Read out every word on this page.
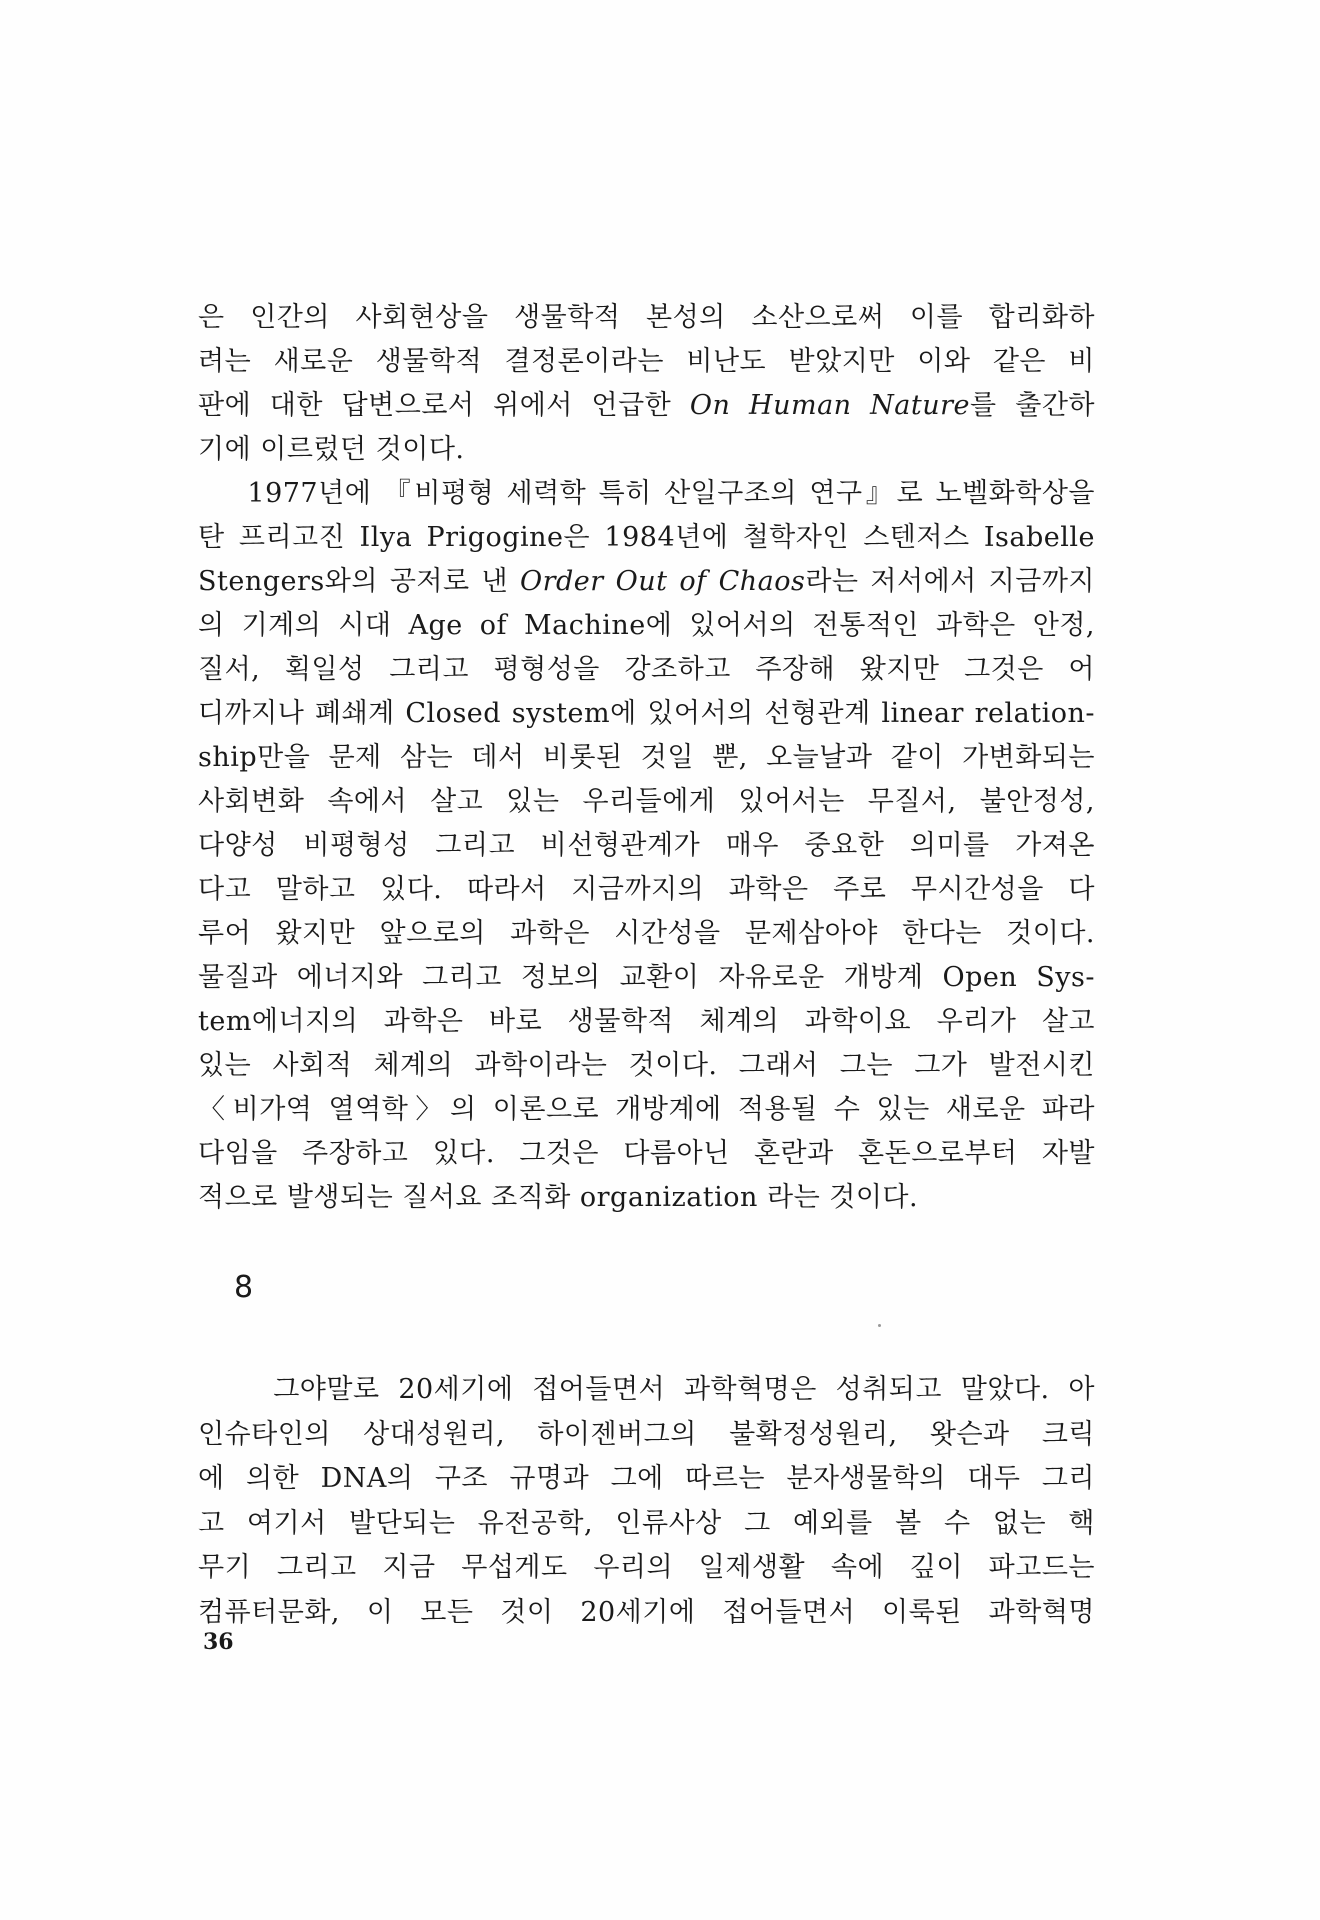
은 인간의 사회현상을 생물학적 본성의 소산으로써 이를 합리화하
려는 새로운 생물학적 결정론이라는 비난도 받았지만 이와 같은 비
판에 대한 답변으로서 위에서 언급한 On Human Nature를 출간하
기에 이르렀던 것이다.
1977년에 『비평형 세력학 특히 산일구조의 연구』로 노벨화학상을
탄 프리고진 Ilya Prigogine은 1984년에 철학자인 스텐저스 Isabelle
Stengers와의 공저로 낸 Order Out of Chaos라는 저서에서 지금까지
의 기계의 시대 Age of Machine에 있어서의 전통적인 과학은 안정,
질서, 획일성 그리고 평형성을 강조하고 주장해 왔지만 그것은 어
디까지나 폐쇄계 Closed system에 있어서의 선형관계 linear relation-
ship만을 문제 삼는 데서 비롯된 것일 뿐, 오늘날과 같이 가변화되는
사회변화 속에서 살고 있는 우리들에게 있어서는 무질서, 불안정성,
다양성 비평형성 그리고 비선형관계가 매우 중요한 의미를 가져온
다고 말하고 있다. 따라서 지금까지의 과학은 주로 무시간성을 다
루어 왔지만 앞으로의 과학은 시간성을 문제삼아야 한다는 것이다.
물질과 에너지와 그리고 정보의 교환이 자유로운 개방계 Open Sys-
tem에너지의 과학은 바로 생물학적 체계의 과학이요 우리가 살고
있는 사회적 체계의 과학이라는 것이다. 그래서 그는 그가 발전시킨
〈비가역 열역학〉의 이론으로 개방계에 적용될 수 있는 새로운 파라
다임을 주장하고 있다. 그것은 다름아닌 혼란과 혼돈으로부터 자발
적으로 발생되는 질서요 조직화 organization 라는 것이다.
8
그야말로 20세기에 접어들면서 과학혁명은 성취되고 말았다. 아
인슈타인의 상대성원리, 하이젠버그의 불확정성원리, 왓슨과 크릭
에 의한 DNA의 구조 규명과 그에 따르는 분자생물학의 대두 그리
고 여기서 발단되는 유전공학, 인류사상 그 예외를 볼 수 없는 핵
무기 그리고 지금 무섭게도 우리의 일제생활 속에 깊이 파고드는
컴퓨터문화, 이 모든 것이 20세기에 접어들면서 이룩된 과학혁명
36
